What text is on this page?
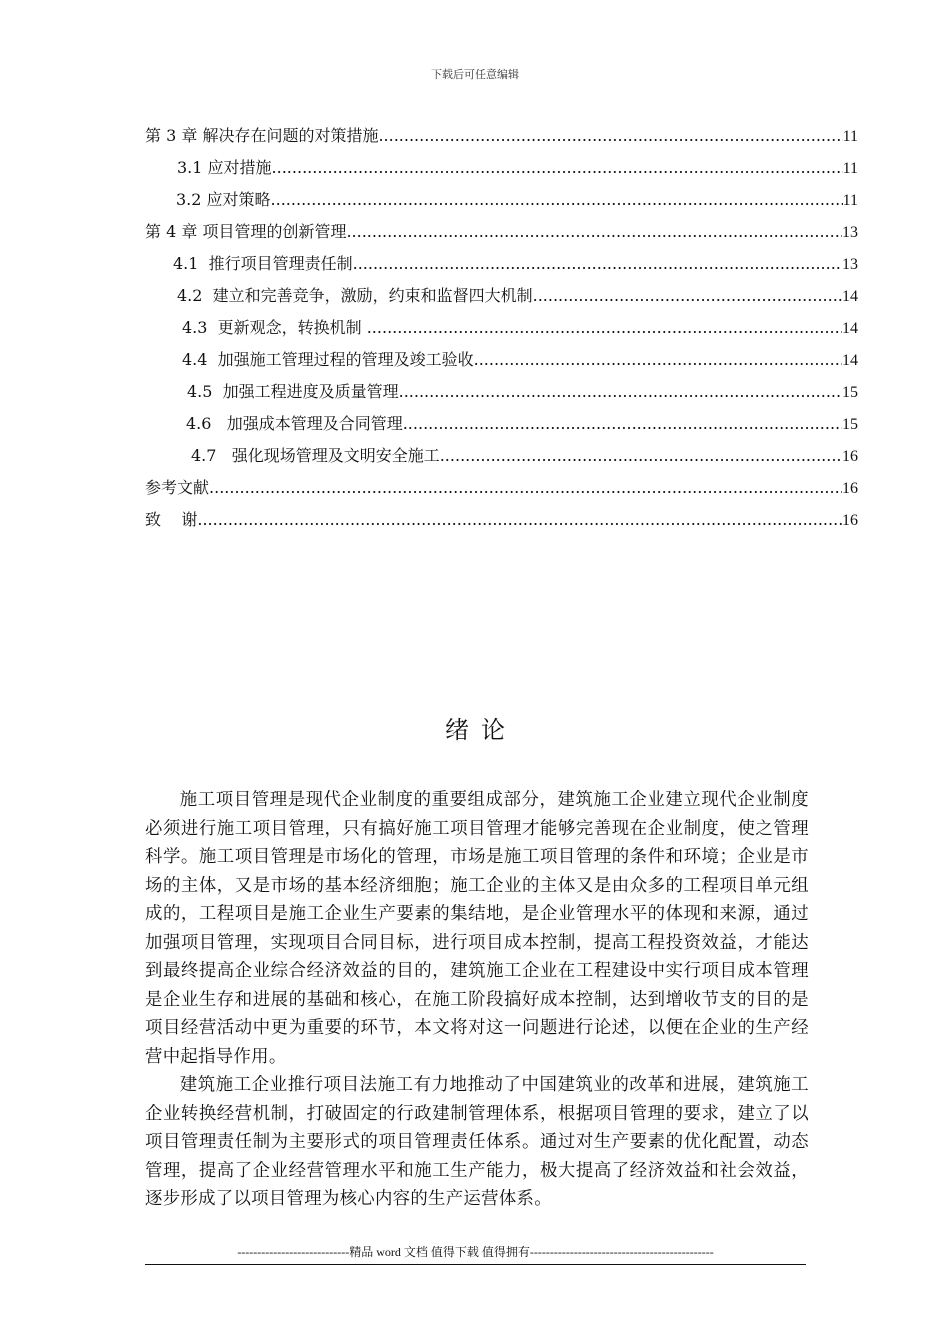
下载后可任意编辑
第 3 章 解决存在问题的对策措施 .....	11
3.1 应对措施 .....	11
3.2 应对策略 .....	11
第 4 章 项目管理的创新管理 .....	13
4.1  推行项目管理责任制 .....	13
4.2  建立和完善竞争，激励，约束和监督四大机制 .....	14
4.3  更新观念，转换机制 .....	14
4.4  加强施工管理过程的管理及竣工验收 .....	14
4.5  加强工程进度及质量管理 .....	15
4.6   加强成本管理及合同管理 .....	15
4.7   强化现场管理及文明安全施工 .....	16
参考文献 .....	16
致    谢 .....	16
绪论

施工项目管理是现代企业制度的重要组成部分，建筑施工企业建立现代企业制度必须进行施工项目管理，只有搞好施工项目管理才能够完善现在企业制度，使之管理科学。施工项目管理是市场化的管理，市场是施工项目管理的条件和环境；企业是市场的主体，又是市场的基本经济细胞；施工企业的主体又是由众多的工程项目单元组成的，工程项目是施工企业生产要素的集结地，是企业管理水平的体现和来源，通过加强项目管理，实现项目合同目标，进行项目成本控制，提高工程投资效益，才能达到最终提高企业综合经济效益的目的，建筑施工企业在工程建设中实行项目成本管理是企业生存和进展的基础和核心，在施工阶段搞好成本控制，达到增收节支的目的是项目经营活动中更为重要的环节，本文将对这一问题进行论述，以便在企业的生产经营中起指导作用。

建筑施工企业推行项目法施工有力地推动了中国建筑业的改革和进展，建筑施工企业转换经营机制，打破固定的行政建制管理体系，根据项目管理的要求，建立了以项目管理责任制为主要形式的项目管理责任体系。通过对生产要素的优化配置，动态管理，提高了企业经营管理水平和施工生产能力，极大提高了经济效益和社会效益，逐步形成了以项目管理为核心内容的生产运营体系。

----------------------------精品 word 文档 值得下载 值得拥有----------------------------------------------
